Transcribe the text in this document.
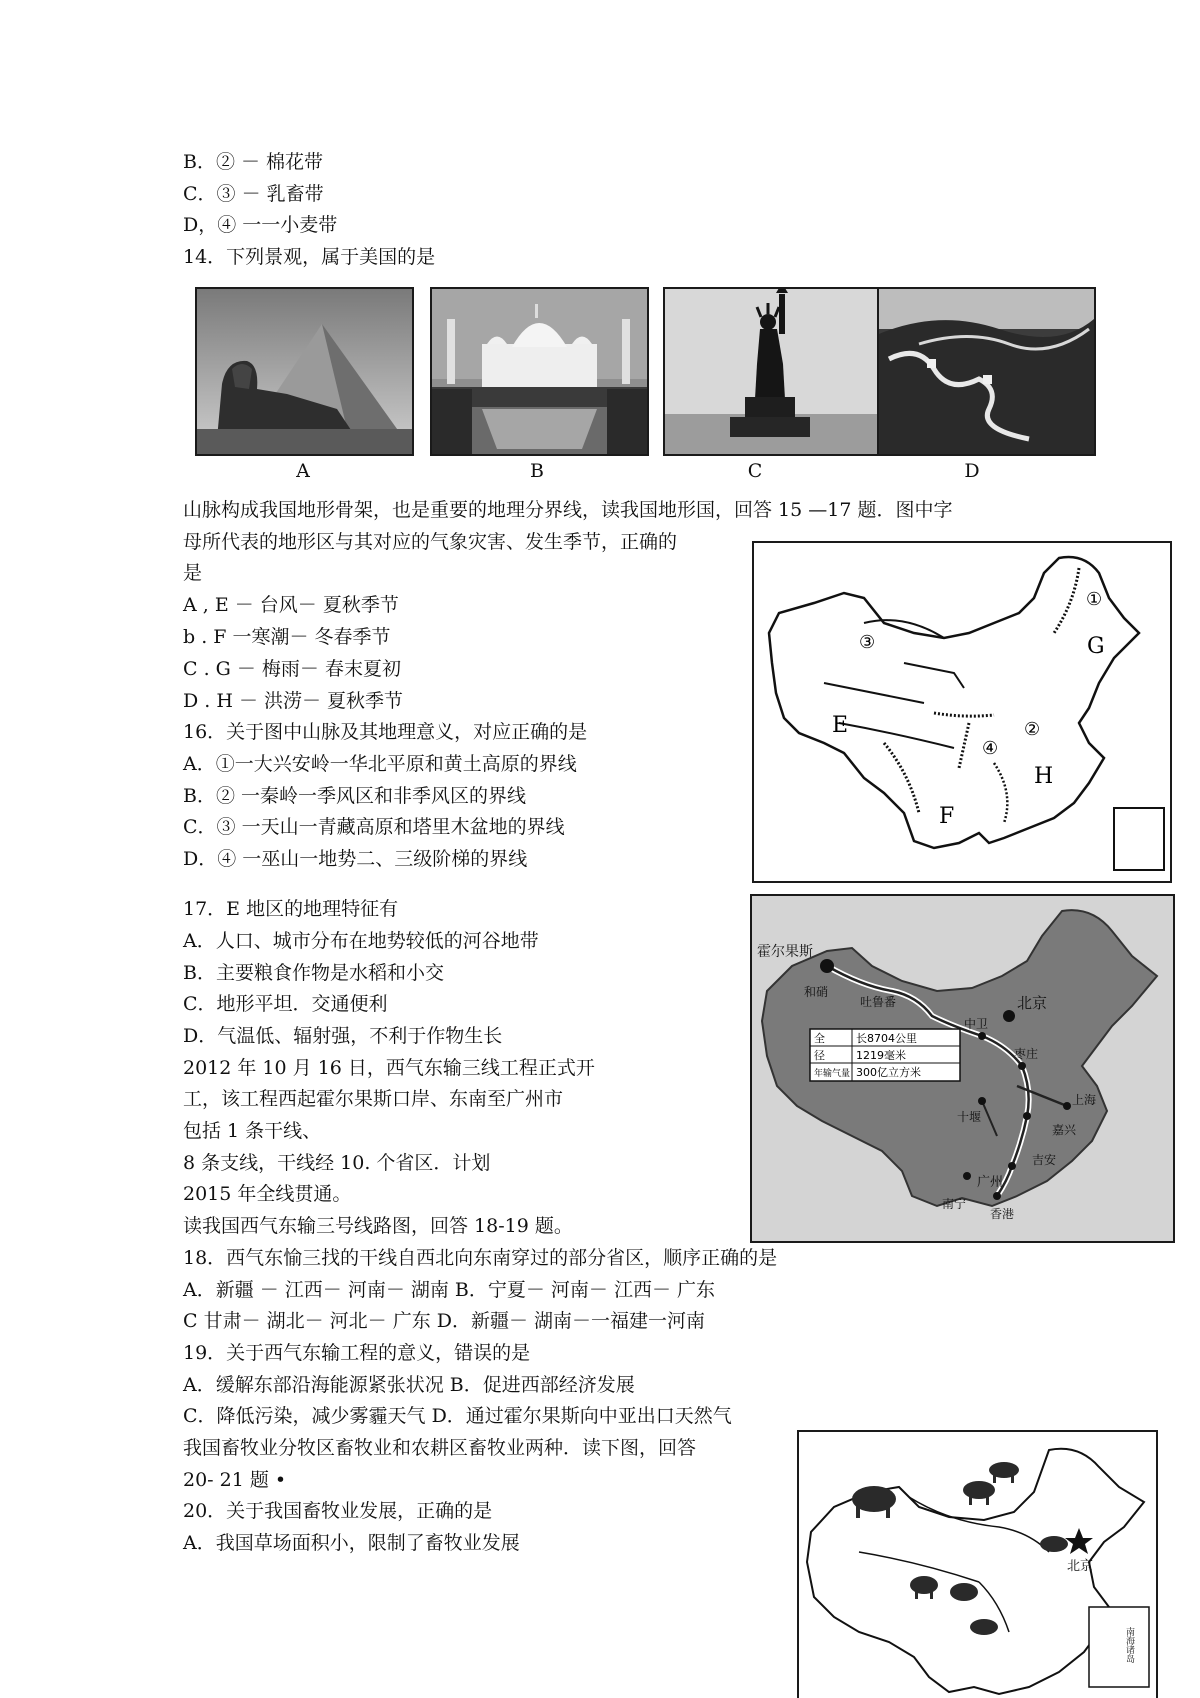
B．② － 棉花带
C．③ － 乳畜带
D，④ 一一小麦带
14．下列景观，属于美国的是
A	B	C	D
山脉构成我国地形骨架，也是重要的地理分界线，读我国地形国，回答 15 —17 题．图中字
母所代表的地形区与其对应的气象灾害、发生季节，正确的
是
A , E － 台风－ 夏秋季节
b . F 一寒潮－ 冬春季节
C . G － 梅雨－ 春末夏初
D . H － 洪涝－ 夏秋季节
16．关于图中山脉及其地理意义，对应正确的是
A．①一大兴安岭一华北平原和黄土高原的界线
B．② 一秦岭一季风区和非季风区的界线
C．③ 一天山一青藏高原和塔里木盆地的界线
D．④ 一巫山一地势二、三级阶梯的界线
①
②
③
④
E
F
G
H
17．E 地区的地理特征有
A．人口、城市分布在地势较低的河谷地带
B．主要粮食作物是水稻和小交
C．地形平坦．交通便利
D．气温低、辐射强，不利于作物生长
2012 年 10 月 16 日，西气东输三线工程正式开
工，该工程西起霍尔果斯口岸、东南至广州市
包括 1 条干线、
8 条支线，干线经 10. 个省区．计划
2015 年全线贯通。
读我国西气东输三号线路图，回答 18-19 题。
霍尔果斯
和硝
吐鲁番	北京
中卫
枣庄
吉安
十堰
上海
嘉兴
广州
南宁
香港
全	长8704公里
径	1219毫米
年输气量 300亿立方米
18．西气东愉三找的干线自西北向东南穿过的部分省区，顺序正确的是
A．新疆 － 江西－ 河南－ 湖南 B．宁夏－ 河南－ 江西－ 广东
C 甘肃－ 湖北－ 河北－ 广东 D．新疆－ 湖南－一福建一河南
19．关于西气东输工程的意义，错误的是
A．缓解东部沿海能源紧张状况 B．促进西部经济发展
C．降低污染，减少雾霾天气 D．通过霍尔果斯向中亚出口天然气
我国畜牧业分牧区畜牧业和农耕区畜牧业两种．读下图，回答
20- 21 题 •
20．关于我国畜牧业发展，正确的是
A．我国草场面积小，限制了畜牧业发展
北京
南海诸岛
